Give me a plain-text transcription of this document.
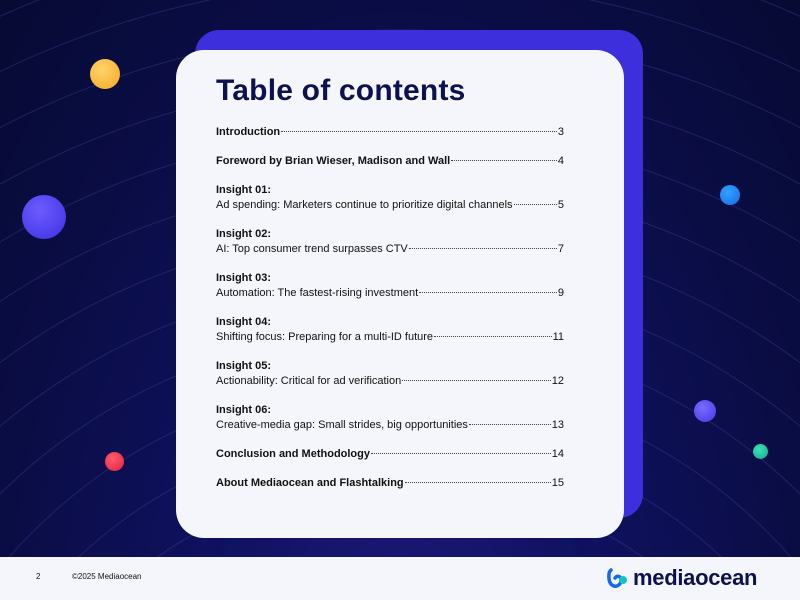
Table of contents
Introduction	3
Foreword by Brian Wieser, Madison and Wall	4
Insight 01:
Ad spending: Marketers continue to prioritize digital channels	5
Insight 02:
AI: Top consumer trend surpasses CTV	7
Insight 03:
Automation: The fastest-rising investment	9
Insight 04:
Shifting focus: Preparing for a multi-ID future	11
Insight 05:
Actionability: Critical for ad verification	12
Insight 06:
Creative-media gap: Small strides, big opportunities	13
Conclusion and Methodology	14
About Mediaocean and Flashtalking	15
2	©2025 Mediaocean	mediaocean
